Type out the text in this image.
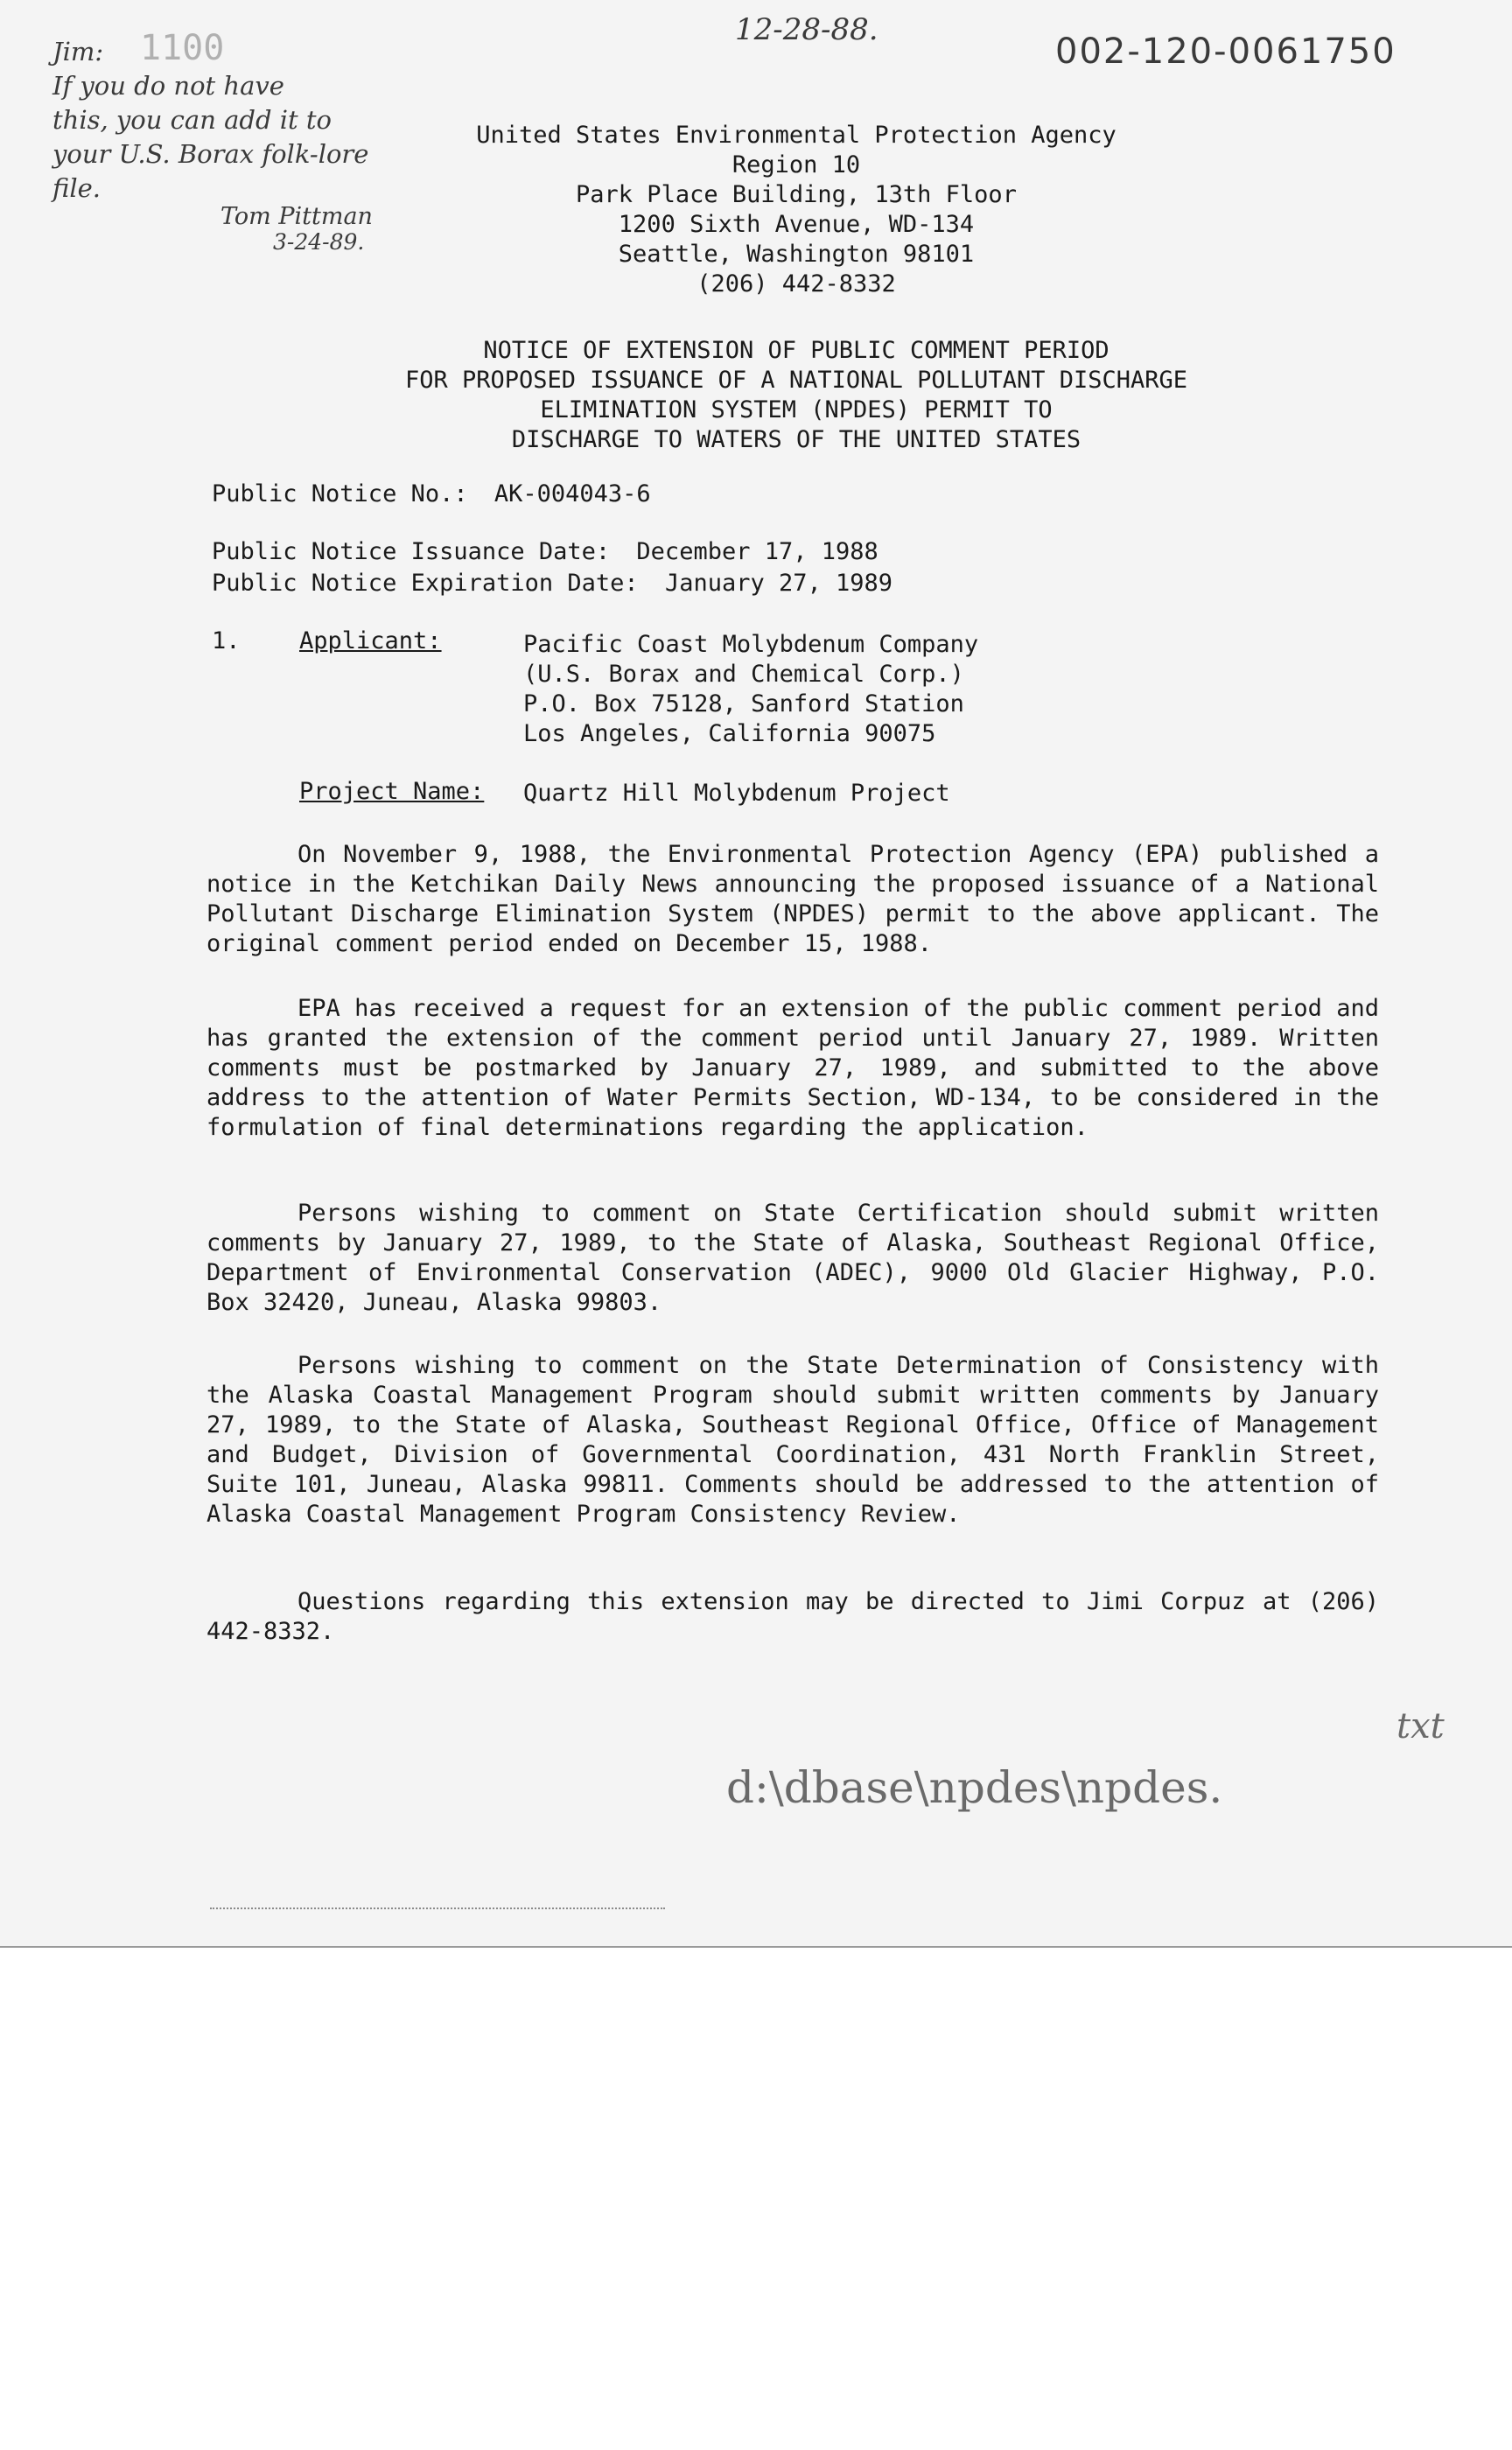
12-28-88.
002-120-0061750
1100
Jim:
If you do not have
this, you can add it to
your U.S. Borax folk-lore
file.
Tom Pittman
3-24-89.
United States Environmental Protection Agency
Region 10
Park Place Building, 13th Floor
1200 Sixth Avenue, WD-134
Seattle, Washington 98101
(206) 442-8332
NOTICE OF EXTENSION OF PUBLIC COMMENT PERIOD
FOR PROPOSED ISSUANCE OF A NATIONAL POLLUTANT DISCHARGE
ELIMINATION SYSTEM (NPDES) PERMIT TO
DISCHARGE TO WATERS OF THE UNITED STATES
Public Notice No.: AK-004043-6
Public Notice Issuance Date: December 17, 1988
Public Notice Expiration Date: January 27, 1989
1. Applicant:	Pacific Coast Molybdenum Company
(U.S. Borax and Chemical Corp.)
P.O. Box 75128, Sanford Station
Los Angeles, California 90075
Project Name: Quartz Hill Molybdenum Project

On November 9, 1988, the Environmental Protection Agency (EPA) published a notice in the Ketchikan Daily News announcing the proposed issuance of a National Pollutant Discharge Elimination System (NPDES) permit to the above applicant. The original comment period ended on December 15, 1988.

EPA has received a request for an extension of the public comment period and has granted the extension of the comment period until January 27, 1989. Written comments must be postmarked by January 27, 1989, and submitted to the above address to the attention of Water Permits Section, WD-134, to be considered in the formulation of final determinations regarding the application.

Persons wishing to comment on State Certification should submit written comments by January 27, 1989, to the State of Alaska, Southeast Regional Office, Department of Environmental Conservation (ADEC), 9000 Old Glacier Highway, P.O. Box 32420, Juneau, Alaska 99803.

Persons wishing to comment on the State Determination of Consistency with the Alaska Coastal Management Program should submit written comments by January 27, 1989, to the State of Alaska, Southeast Regional Office, Office of Management and Budget, Division of Governmental Coordination, 431 North Franklin Street, Suite 101, Juneau, Alaska 99811. Comments should be addressed to the attention of Alaska Coastal Management Program Consistency Review.

Questions regarding this extension may be directed to Jimi Corpuz at (206) 442-8332.

d:\dbase\npdes\npdes.
txt
